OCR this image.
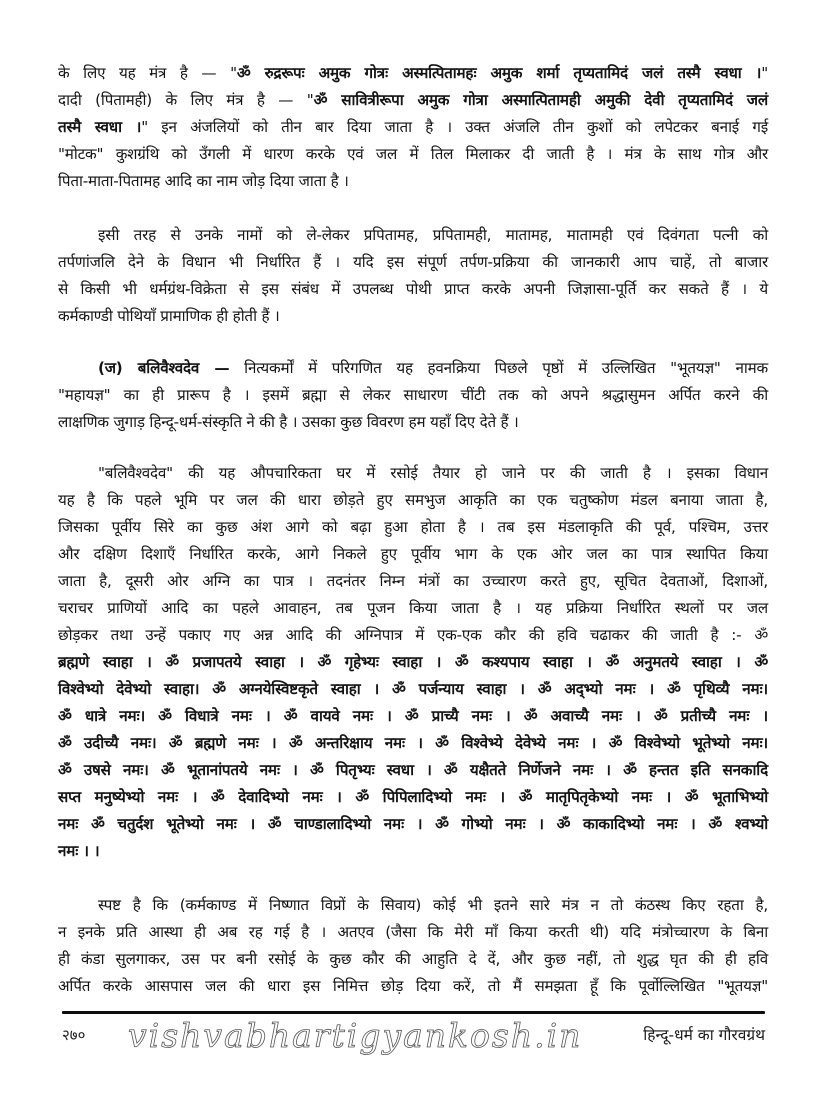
के लिए यह मंत्र है — "ॐ रुद्ररूपः अमुक गोत्रः अस्मत्पितामहः अमुक शर्मा तृप्यतामिदं जलं तस्मै स्वधा ।"
दादी (पितामही) के लिए मंत्र है — "ॐ सावित्रीरूपा अमुक गोत्रा अस्मात्पितामही अमुकी देवी तृप्यतामिदं जलं
तस्मै स्वधा ।" इन अंजलियों को तीन बार दिया जाता है । उक्त अंजलि तीन कुशों को लपेटकर बनाई गई
"मोटक" कुशग्रंथि को उँगली में धारण करके एवं जल में तिल मिलाकर दी जाती है । मंत्र के साथ गोत्र और
पिता-माता-पितामह आदि का नाम जोड़ दिया जाता है ।
इसी तरह से उनके नामों को ले-लेकर प्रपितामह, प्रपितामही, मातामह, मातामही एवं दिवंगता पत्नी को
तर्पणांजलि देने के विधान भी निर्धारित हैं । यदि इस संपूर्ण तर्पण-प्रक्रिया की जानकारी आप चाहें, तो बाजार
से किसी भी धर्मग्रंथ-विक्रेता से इस संबंध में उपलब्ध पोथी प्राप्त करके अपनी जिज्ञासा-पूर्ति कर सकते हैं । ये
कर्मकाण्डी पोथियाँ प्रामाणिक ही होती हैं ।
(ज) बलिवैश्वदेव — नित्यकर्मों में परिगणित यह हवनक्रिया पिछले पृष्ठों में उल्लिखित "भूतयज्ञ" नामक
"महायज्ञ" का ही प्रारूप है । इसमें ब्रह्मा से लेकर साधारण चींटी तक को अपने श्रद्धासुमन अर्पित करने की
लाक्षणिक जुगाड़ हिन्दू-धर्म-संस्कृति ने की है । उसका कुछ विवरण हम यहाँ दिए देते हैं ।
"बलिवैश्वदेव" की यह औपचारिकता घर में रसोई तैयार हो जाने पर की जाती है । इसका विधान
यह है कि पहले भूमि पर जल की धारा छोड़ते हुए समभुज आकृति का एक चतुष्कोण मंडल बनाया जाता है,
जिसका पूर्वीय सिरे का कुछ अंश आगे को बढ़ा हुआ होता है । तब इस मंडलाकृति की पूर्व, पश्चिम, उत्तर
और दक्षिण दिशाएँ निर्धारित करके, आगे निकले हुए पूर्वीय भाग के एक ओर जल का पात्र स्थापित किया
जाता है, दूसरी ओर अग्नि का पात्र । तदनंतर निम्न मंत्रों का उच्चारण करते हुए, सूचित देवताओं, दिशाओं,
चराचर प्राणियों आदि का पहले आवाहन, तब पूजन किया जाता है । यह प्रक्रिया निर्धारित स्थलों पर जल
छोड़कर तथा उन्हें पकाए गए अन्न आदि की अग्निपात्र में एक-एक कौर की हवि चढाकर की जाती है :- ॐ
ब्रह्मणे स्वाहा । ॐ प्रजापतये स्वाहा । ॐ गृहेभ्यः स्वाहा । ॐ कश्यपाय स्वाहा । ॐ अनुमतये स्वाहा । ॐ
विश्वेभ्यो देवेभ्यो स्वाहा। ॐ अग्नयेस्विष्टकृते स्वाहा । ॐ पर्जन्याय स्वाहा । ॐ अद्भ्यो नमः । ॐ पृथिव्यै नमः।
ॐ धात्रे नमः। ॐ विधात्रे नमः । ॐ वायवे नमः । ॐ प्राच्यै नमः । ॐ अवाच्यै नमः । ॐ प्रतीच्यै नमः ।
ॐ उदीच्यै नमः। ॐ ब्रह्मणे नमः । ॐ अन्तरिक्षाय नमः । ॐ विश्वेभ्ये देवेभ्ये नमः । ॐ विश्वेभ्यो भूतेभ्यो नमः।
ॐ उषसे नमः। ॐ भूतानांपतये नमः । ॐ पितृभ्यः स्वधा । ॐ यक्षैतते निर्णेजने नमः । ॐ हन्तत इति सनकादि
सप्त मनुष्येभ्यो नमः । ॐ देवादिभ्यो नमः । ॐ पिपिलादिभ्यो नमः । ॐ मातृपितृकेभ्यो नमः । ॐ भूताभिभ्यो
नमः ॐ चतुर्दश भूतेभ्यो नमः । ॐ चाण्डालादिभ्यो नमः । ॐ गोभ्यो नमः । ॐ काकादिभ्यो नमः । ॐ श्वभ्यो
नमः । ।
स्पष्ट है कि (कर्मकाण्ड में निष्णात विप्रों के सिवाय) कोई भी इतने सारे मंत्र न तो कंठस्थ किए रहता है,
न इनके प्रति आस्था ही अब रह गई है । अतएव (जैसा कि मेरी माँ किया करती थी) यदि मंत्रोच्चारण के बिना
ही कंडा सुलगाकर, उस पर बनी रसोई के कुछ कौर की आहुति दे दें, और कुछ नहीं, तो शुद्ध घृत की ही हवि
अर्पित करके आसपास जल की धारा इस निमित्त छोड़ दिया करें, तो मैं समझता हूँ कि पूर्वोल्लिखित "भूतयज्ञ"
२७० vishvabhartigyankosh.in	हिन्दू-धर्म का गौरवग्रंथ
